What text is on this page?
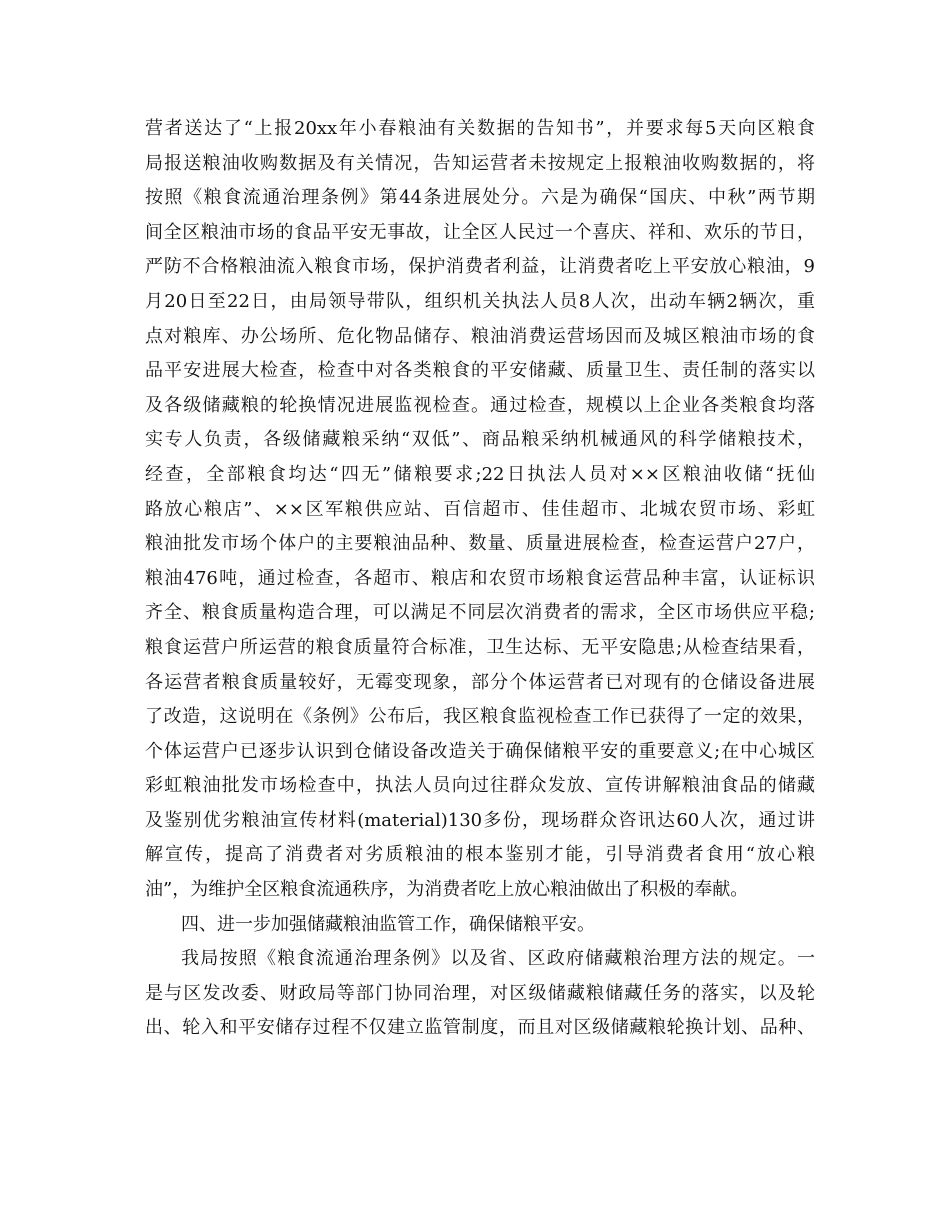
营者送达了“上报20xx年小春粮油有关数据的告知书”，并要求每5天向区粮食
局报送粮油收购数据及有关情况，告知运营者未按规定上报粮油收购数据的，将
按照《粮食流通治理条例》第44条进展处分。六是为确保“国庆、中秋”两节期
间全区粮油市场的食品平安无事故，让全区人民过一个喜庆、祥和、欢乐的节日，
严防不合格粮油流入粮食市场，保护消费者利益，让消费者吃上平安放心粮油，9
月20日至22日，由局领导带队，组织机关执法人员8人次，出动车辆2辆次，重
点对粮库、办公场所、危化物品储存、粮油消费运营场因而及城区粮油市场的食
品平安进展大检查，检查中对各类粮食的平安储藏、质量卫生、责任制的落实以
及各级储藏粮的轮换情况进展监视检查。通过检查，规模以上企业各类粮食均落
实专人负责，各级储藏粮采纳“双低”、商品粮采纳机械通风的科学储粮技术，
经查，全部粮食均达“四无”储粮要求;22日执法人员对××区粮油收储“抚仙
路放心粮店”、××区军粮供应站、百信超市、佳佳超市、北城农贸市场、彩虹
粮油批发市场个体户的主要粮油品种、数量、质量进展检查，检查运营户27户，
粮油476吨，通过检查，各超市、粮店和农贸市场粮食运营品种丰富，认证标识
齐全、粮食质量构造合理，可以满足不同层次消费者的需求，全区市场供应平稳;
粮食运营户所运营的粮食质量符合标准，卫生达标、无平安隐患;从检查结果看，
各运营者粮食质量较好，无霉变现象，部分个体运营者已对现有的仓储设备进展
了改造，这说明在《条例》公布后，我区粮食监视检查工作已获得了一定的效果，
个体运营户已逐步认识到仓储设备改造关于确保储粮平安的重要意义;在中心城区
彩虹粮油批发市场检查中，执法人员向过往群众发放、宣传讲解粮油食品的储藏
及鉴别优劣粮油宣传材料(material)130多份，现场群众咨讯达60人次，通过讲
解宣传，提高了消费者对劣质粮油的根本鉴别才能，引导消费者食用“放心粮
油”，为维护全区粮食流通秩序，为消费者吃上放心粮油做出了积极的奉献。
四、进一步加强储藏粮油监管工作，确保储粮平安。
我局按照《粮食流通治理条例》以及省、区政府储藏粮治理方法的规定。一
是与区发改委、财政局等部门协同治理，对区级储藏粮储藏任务的落实，以及轮
出、轮入和平安储存过程不仅建立监管制度，而且对区级储藏粮轮换计划、品种、
